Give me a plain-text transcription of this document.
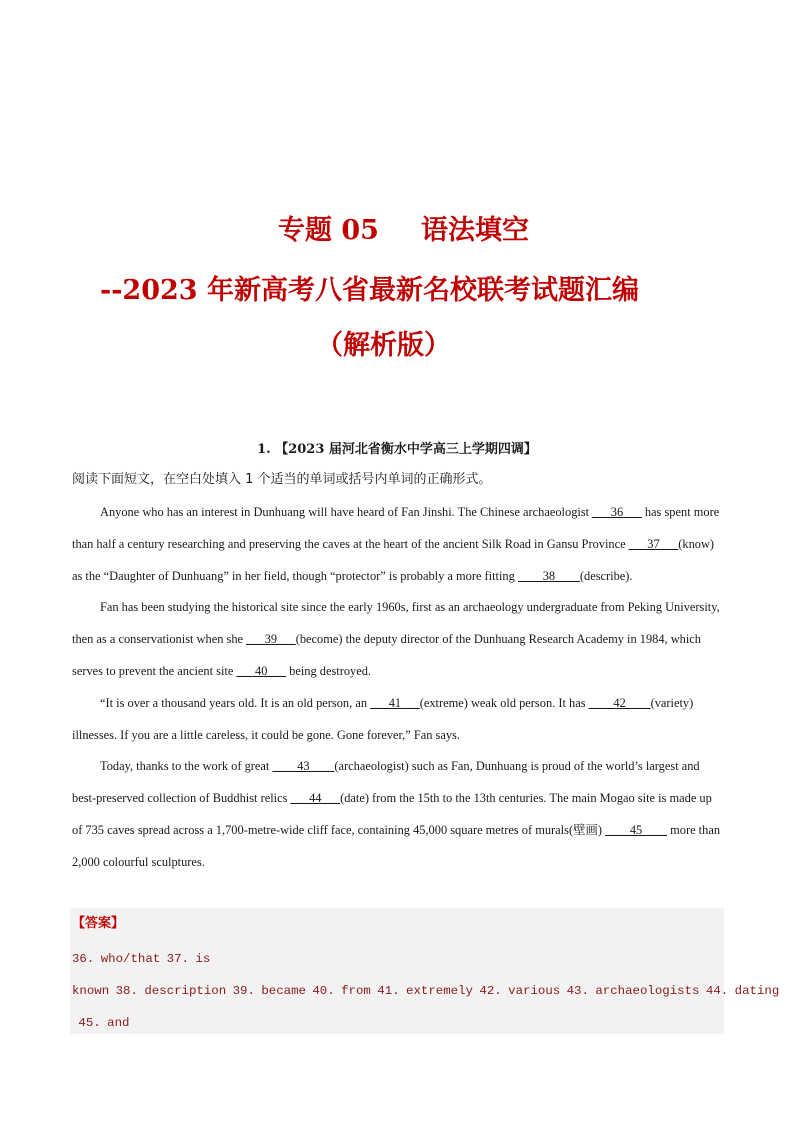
专题 05 语法填空
--2023 年新高考八省最新名校联考试题汇编
（解析版）
1. 【2023 届河北省衡水中学高三上学期四调】
阅读下面短文，在空白处填入 1 个适当的单词或括号内单词的正确形式。

Anyone who has an interest in Dunhuang will have heard of Fan Jinshi. The Chinese archaeologist ___36___ has spent more than half a century researching and preserving the caves at the heart of the ancient Silk Road in Gansu Province ___37___(know) as the “Daughter of Dunhuang” in her field, though “protector” is probably a more fitting ____38____(describe).

Fan has been studying the historical site since the early 1960s, first as an archaeology undergraduate from Peking University, then as a conservationist when she ___39___(become) the deputy director of the Dunhuang Research Academy in 1984, which serves to prevent the ancient site ___40___ being destroyed.

“It is over a thousand years old. It is an old person, an ___41___(extreme) weak old person. It has ____42____(variety) illnesses. If you are a little careless, it could be gone. Gone forever,” Fan says.

Today, thanks to the work of great ____43____(archaeologist) such as Fan, Dunhuang is proud of the world’s largest and best-preserved collection of Buddhist relics ___44___(date) from the 15th to the 13th centuries. The main Mogao site is made up of 735 caves spread across a 1,700-metre-wide cliff face, containing 45,000 square metres of murals(壁画) ____45____ more than 2,000 colourful sculptures.

【答案】
36. who/that 37. is
known 38. description 39. became 40. from 41. extremely 42. various 43. archaeologists 44. dating
45. and
